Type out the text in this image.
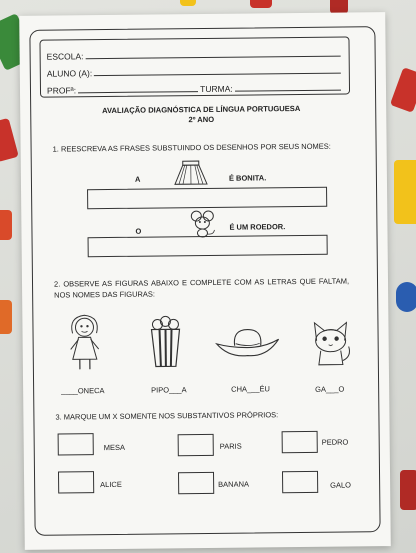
ESCOLA:
ALUNO (A):
PROFª:	TURMA:
AVALIAÇÃO DIAGNÓSTICA DE LÍNGUA PORTUGUESA
2º ANO
1. REESCREVA AS FRASES SUBSTUINDO OS DESENHOS POR SEUS NOMES:
A	É BONITA.
O	É UM ROEDOR.
2. OBSERVE AS FIGURAS ABAIXO E COMPLETE COM AS LETRAS QUE FALTAM, NOS NOMES DAS FIGURAS:
____ONECA	PIPO___A	CHA___ÉU	GA___O
3. MARQUE UM X SOMENTE NOS SUBSTANTIVOS PRÓPRIOS:
MESA	PARIS	PEDRO
ALICE	BANANA	GALO
